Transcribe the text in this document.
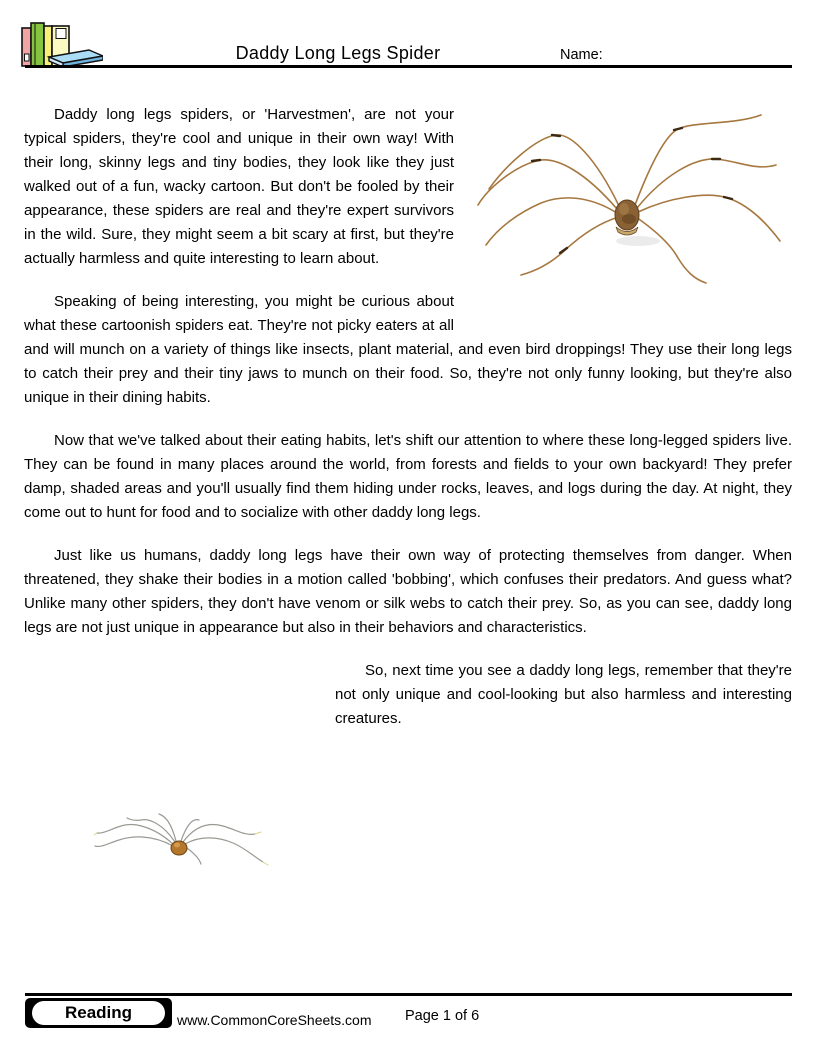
Daddy Long Legs Spider	Name:

Daddy long legs spiders, or 'Harvestmen', are not your typical spiders, they're cool and unique in their own way! With their long, skinny legs and tiny bodies, they look like they just walked out of a fun, wacky cartoon. But don't be fooled by their appearance, these spiders are real and they're expert survivors in the wild. Sure, they might seem a bit scary at first, but they're actually harmless and quite interesting to learn about.

Speaking of being interesting, you might be curious about what these cartoonish spiders eat. They're not picky eaters at all and will munch on a variety of things like insects, plant material, and even bird droppings! They use their long legs to catch their prey and their tiny jaws to munch on their food. So, they're not only funny looking, but they're also unique in their dining habits.

Now that we've talked about their eating habits, let's shift our attention to where these long-legged spiders live. They can be found in many places around the world, from forests and fields to your own backyard! They prefer damp, shaded areas and you'll usually find them hiding under rocks, leaves, and logs during the day. At night, they come out to hunt for food and to socialize with other daddy long legs.

Just like us humans, daddy long legs have their own way of protecting themselves from danger. When threatened, they shake their bodies in a motion called 'bobbing', which confuses their predators. And guess what? Unlike many other spiders, they don't have venom or silk webs to catch their prey. So, as you can see, daddy long legs are not just unique in appearance but also in their behaviors and characteristics.

So, next time you see a daddy long legs, remember that they're not only unique and cool-looking but also harmless and interesting creatures.

Reading	www.CommonCoreSheets.com Page 1 of 6
